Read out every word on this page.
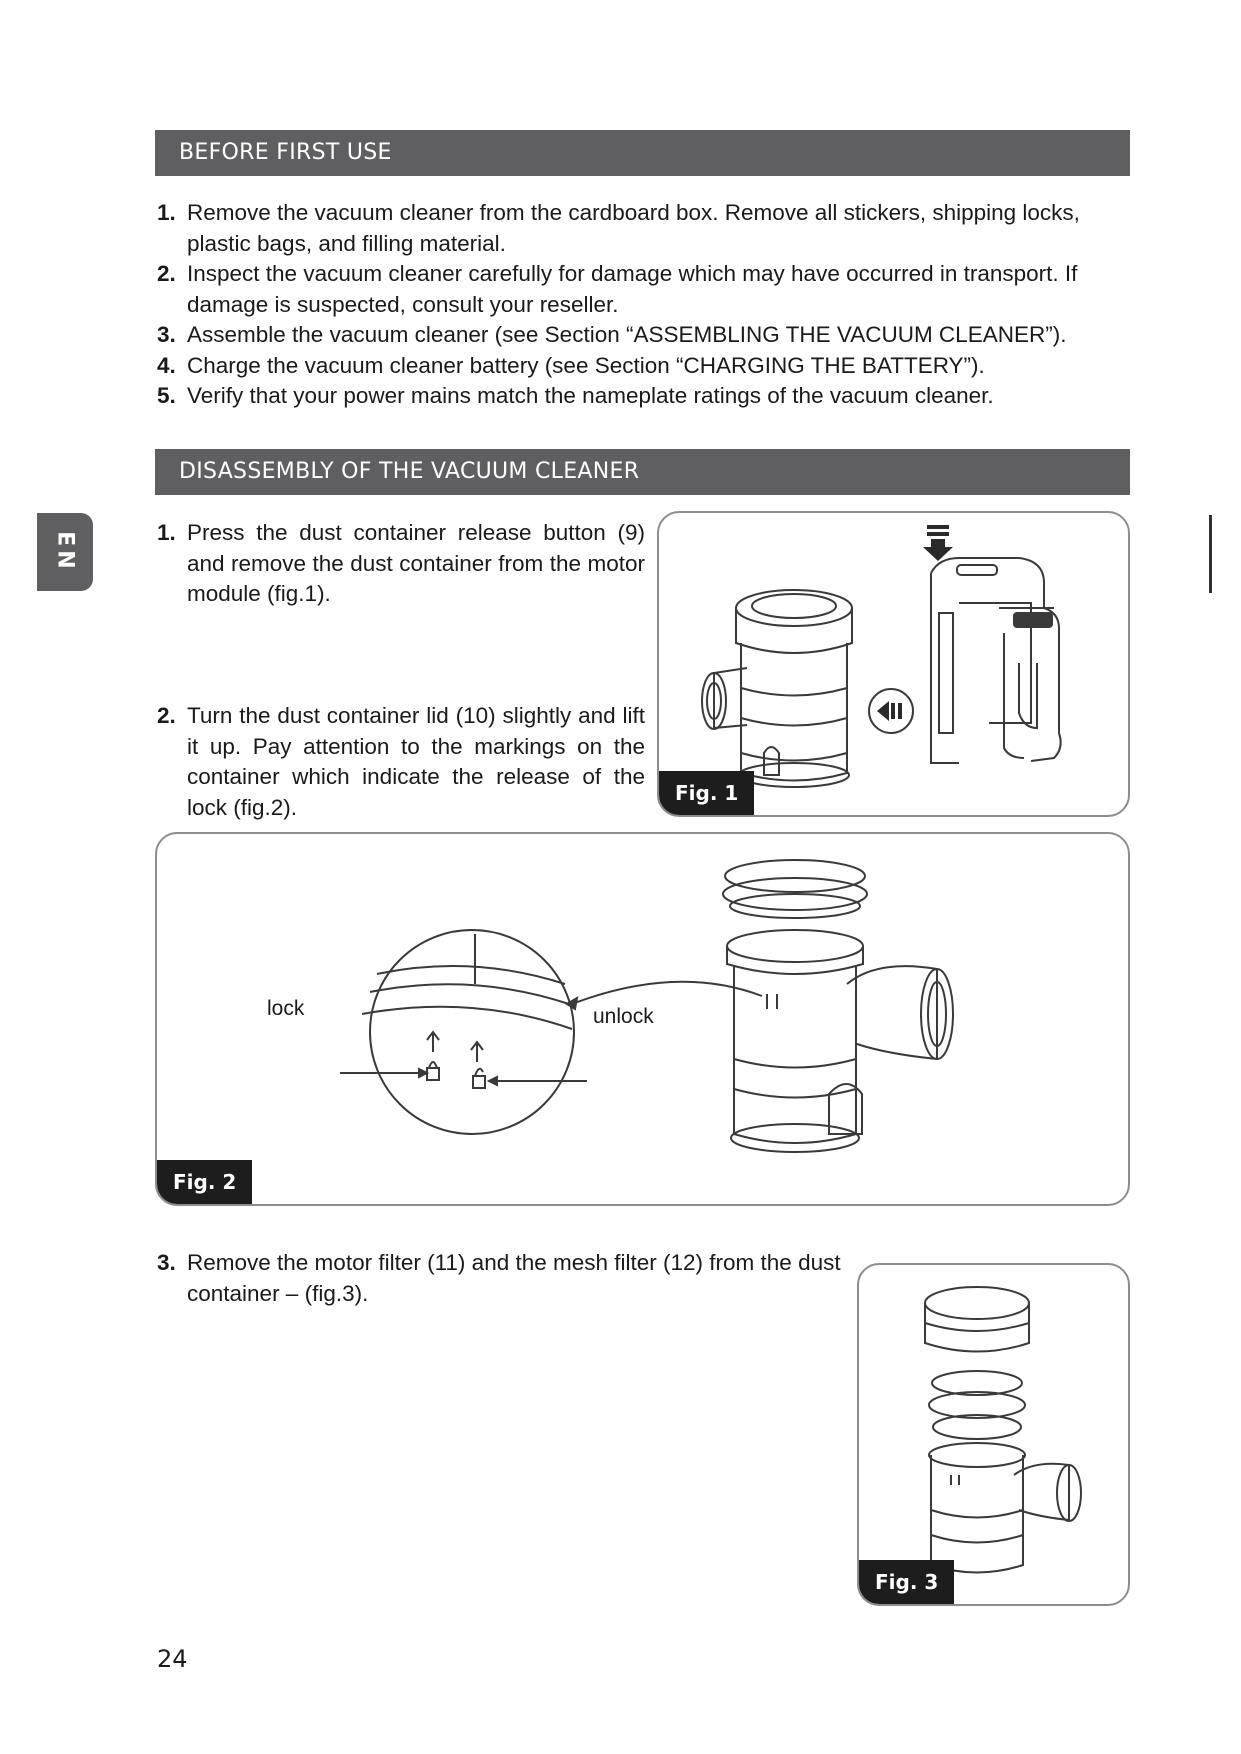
EN
BEFORE FIRST USE
1. Remove the vacuum cleaner from the cardboard box. Remove all stickers, shipping locks, plastic bags, and filling material.
2. Inspect the vacuum cleaner carefully for damage which may have occurred in transport. If damage is suspected, consult your reseller.
3. Assemble the vacuum cleaner (see Section “ASSEMBLING THE VACUUM CLEANER”).
4. Charge the vacuum cleaner battery (see Section “CHARGING THE BATTERY”).
5. Verify that your power mains match the nameplate ratings of the vacuum cleaner.
DISASSEMBLY OF THE VACUUM CLEANER
1. Press the dust container release button (9) and remove the dust container from the motor module (fig.1).
2. Turn the dust container lid (10) slightly and lift it up. Pay attention to the markings on the container which indicate the release of the lock (fig.2).
Fig. 1
lock	unlock
Fig. 2
3. Remove the motor filter (11) and the mesh filter (12) from the dust container – (fig.3).
Fig. 3
24
